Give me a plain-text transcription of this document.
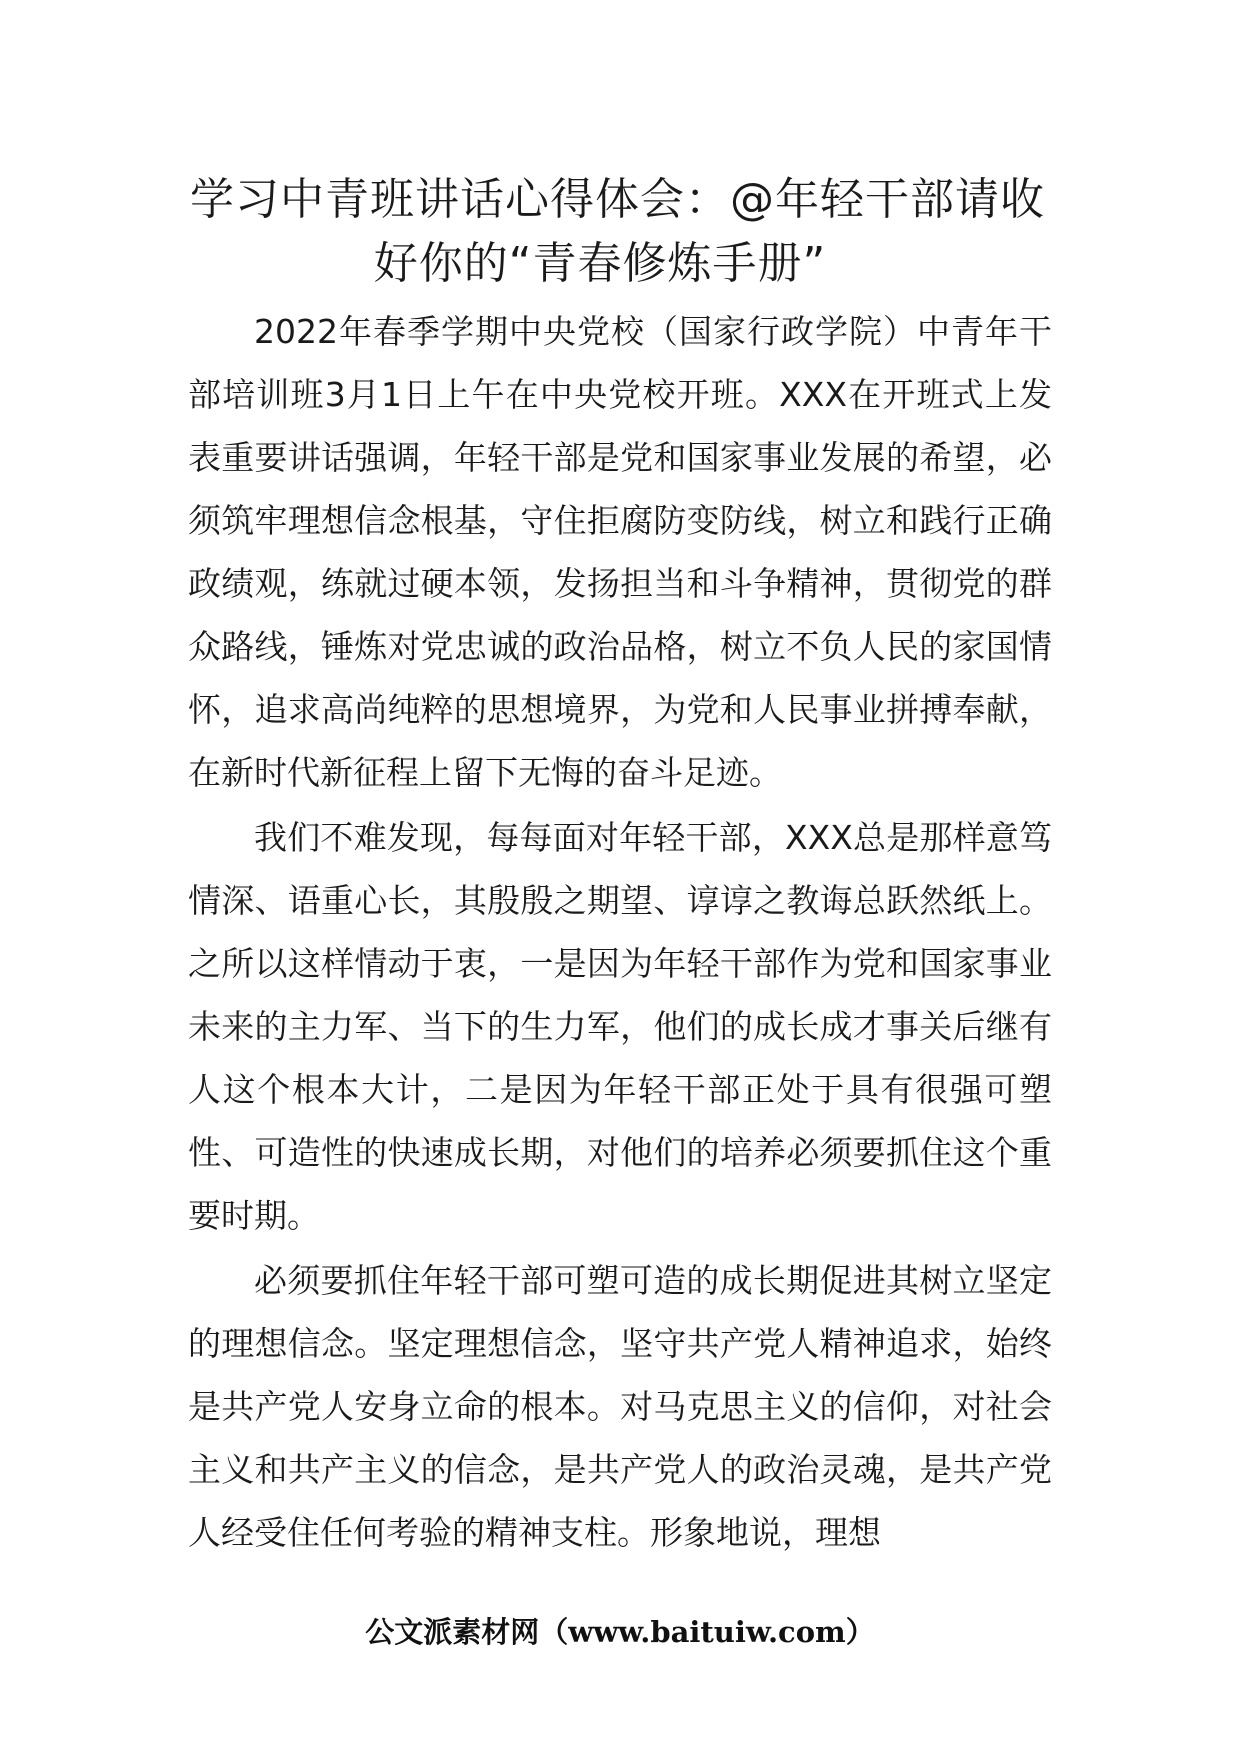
学习中青班讲话心得体会：@年轻干部请收
好你的“青春修炼手册”

2022年春季学期中央党校（国家行政学院）中青年干部培训班3月1日上午在中央党校开班。XXX在开班式上发表重要讲话强调，年轻干部是党和国家事业发展的希望，必须筑牢理想信念根基，守住拒腐防变防线，树立和践行正确政绩观，练就过硬本领，发扬担当和斗争精神，贯彻党的群众路线，锤炼对党忠诚的政治品格，树立不负人民的家国情怀，追求高尚纯粹的思想境界，为党和人民事业拼搏奉献，在新时代新征程上留下无悔的奋斗足迹。

我们不难发现，每每面对年轻干部，XXX总是那样意笃情深、语重心长，其殷殷之期望、谆谆之教诲总跃然纸上。之所以这样情动于衷，一是因为年轻干部作为党和国家事业未来的主力军、当下的生力军，他们的成长成才事关后继有人这个根本大计，二是因为年轻干部正处于具有很强可塑性、可造性的快速成长期，对他们的培养必须要抓住这个重要时期。

必须要抓住年轻干部可塑可造的成长期促进其树立坚定的理想信念。坚定理想信念，坚守共产党人精神追求，始终是共产党人安身立命的根本。对马克思主义的信仰，对社会主义和共产主义的信念，是共产党人的政治灵魂，是共产党人经受住任何考验的精神支柱。形象地说，理想

公文派素材网（www.baituiw.com）
